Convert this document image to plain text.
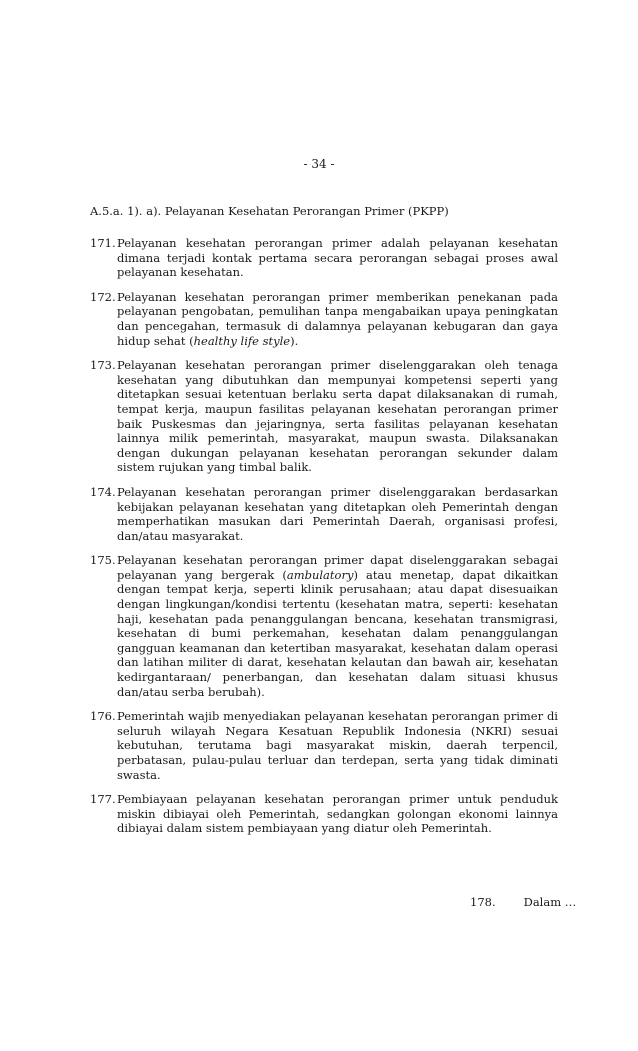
- 34 -
A.5.a. 1). a). Pelayanan Kesehatan Perorangan Primer (PKPP)
171. Pelayanan kesehatan perorangan primer adalah pelayanan kesehatan dimana terjadi kontak pertama secara perorangan sebagai proses awal pelayanan kesehatan.
172. Pelayanan kesehatan perorangan primer memberikan penekanan pada pelayanan pengobatan, pemulihan tanpa mengabaikan upaya peningkatan dan pencegahan, termasuk di dalamnya pelayanan kebugaran dan gaya hidup sehat (healthy life style).
173. Pelayanan kesehatan perorangan primer diselenggarakan oleh tenaga kesehatan yang dibutuhkan dan mempunyai kompetensi seperti yang ditetapkan sesuai ketentuan berlaku serta dapat dilaksanakan di rumah, tempat kerja, maupun fasilitas pelayanan kesehatan perorangan primer baik Puskesmas dan jejaringnya, serta fasilitas pelayanan kesehatan lainnya milik pemerintah, masyarakat, maupun swasta. Dilaksanakan dengan dukungan pelayanan kesehatan perorangan sekunder dalam sistem rujukan yang timbal balik.
174. Pelayanan kesehatan perorangan primer diselenggarakan berdasarkan kebijakan pelayanan kesehatan yang ditetapkan oleh Pemerintah dengan memperhatikan masukan dari Pemerintah Daerah, organisasi profesi, dan/atau masyarakat.
175. Pelayanan kesehatan perorangan primer dapat diselenggarakan sebagai pelayanan yang bergerak (ambulatory) atau menetap, dapat dikaitkan dengan tempat kerja, seperti klinik perusahaan; atau dapat disesuaikan dengan lingkungan/kondisi tertentu (kesehatan matra, seperti: kesehatan haji, kesehatan pada penanggulangan bencana, kesehatan transmigrasi, kesehatan di bumi perkemahan, kesehatan dalam penanggulangan gangguan keamanan dan ketertiban masyarakat, kesehatan dalam operasi dan latihan militer di darat, kesehatan kelautan dan bawah air, kesehatan kedirgantaraan/ penerbangan, dan kesehatan dalam situasi khusus dan/atau serba berubah).
176. Pemerintah wajib menyediakan pelayanan kesehatan perorangan primer di seluruh wilayah Negara Kesatuan Republik Indonesia (NKRI) sesuai kebutuhan, terutama bagi masyarakat miskin, daerah terpencil, perbatasan, pulau-pulau terluar dan terdepan, serta yang tidak diminati swasta.
177. Pembiayaan pelayanan kesehatan perorangan primer untuk penduduk miskin dibiayai oleh Pemerintah, sedangkan golongan ekonomi lainnya dibiayai dalam sistem pembiayaan yang diatur oleh Pemerintah.
178. Dalam …
